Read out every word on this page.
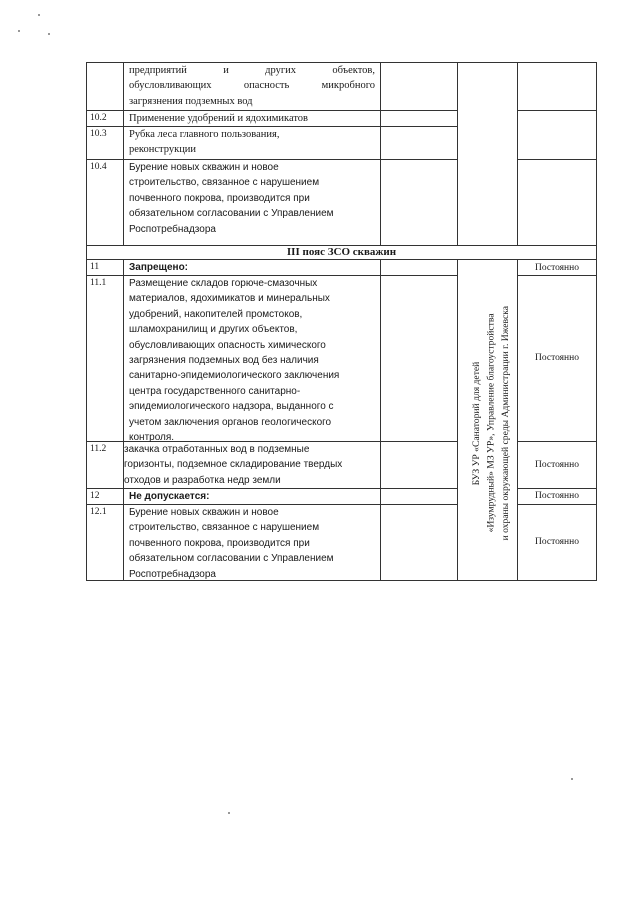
предприятий	и	других	объектов,
обусловливающих	опасность	микробного
загрязнения подземных вод
10.2 Применение удобрений и ядохимикатов
10.3 Рубка леса главного пользования,
реконструкции
10.4 Бурение новых скважин и новое
строительство, связанное с нарушением
почвенного покрова, производится при
обязательном согласовании с Управлением
Роспотребнадзора
III пояс ЗСО скважин
11	Запрещено:	Постоянно
11.1 Размещение складов горюче-смазочных
материалов, ядохимикатов и минеральных
удобрений, накопителей промстоков,
шламохранилищ и других объектов,
обусловливающих опасность химического
загрязнения подземных вод без наличия
санитарно-эпидемиологического заключения
центра государственного санитарно-
эпидемиологического надзора, выданного с
учетом заключения органов геологического
контроля.
Постоянно
11.2 закачка отработанных вод в подземные
горизонты, подземное складирование твердых
отходов и разработка недр земли
Постоянно
12	Не допускается:	Постоянно
12.1 Бурение новых скважин и новое
строительство, связанное с нарушением
почвенного покрова, производится при
обязательном согласовании с Управлением
Роспотребнадзора
Постоянно
БУЗ УР «Санаторий для детей «Изумрудный» МЗ УР», Управление благоустройства и охраны окружающей среды Администрации г. Ижевска
